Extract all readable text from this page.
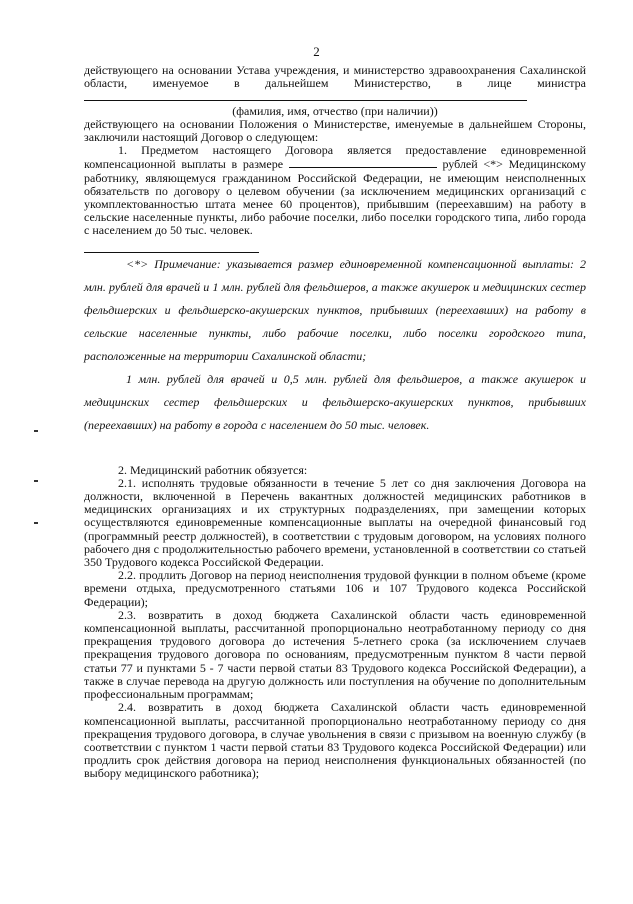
2

действующего на основании Устава учреждения, и министерство здравоохранения Сахалинской области, именуемое в дальнейшем Министерство, в лице министра

(фамилия, имя, отчество (при наличии))

действующего на основании Положения о Министерстве, именуемые в дальнейшем Стороны, заключили настоящий Договор о следующем:

1. Предметом настоящего Договора является предоставление единовременной компенсационной выплаты в размере	рублей <*> Медицинскому работнику, являющемуся гражданином Российской Федерации, не имеющим неисполненных обязательств по договору о целевом обучении (за исключением медицинских организаций с укомплектованностью штата менее 60 процентов), прибывшим (переехавшим) на работу в сельские населенные пункты, либо рабочие поселки, либо поселки городского типа, либо города с населением до 50 тыс. человек.

<*> Примечание: указывается размер единовременной компенсационной выплаты: 2 млн. рублей для врачей и 1 млн. рублей для фельдшеров, а также акушерок и медицинских сестер фельдшерских и фельдшерско-акушерских пунктов, прибывших (переехавших) на работу в сельские населенные пункты, либо рабочие поселки, либо поселки городского типа, расположенные на территории Сахалинской области;

1 млн. рублей для врачей и 0,5 млн. рублей для фельдшеров, а также акушерок и медицинских сестер фельдшерских и фельдшерско-акушерских пунктов, прибывших (переехавших) на работу в города с населением до 50 тыс. человек.

2. Медицинский работник обязуется:

2.1. исполнять трудовые обязанности в течение 5 лет со дня заключения Договора на должности, включенной в Перечень вакантных должностей медицинских работников в медицинских организациях и их структурных подразделениях, при замещении которых осуществляются единовременные компенсационные выплаты на очередной финансовый год (программный реестр должностей), в соответствии с трудовым договором, на условиях полного рабочего дня с продолжительностью рабочего времени, установленной в соответствии со статьей 350 Трудового кодекса Российской Федерации.

2.2. продлить Договор на период неисполнения трудовой функции в полном объеме (кроме времени отдыха, предусмотренного статьями 106 и 107 Трудового кодекса Российской Федерации);

2.3. возвратить в доход бюджета Сахалинской области часть единовременной компенсационной выплаты, рассчитанной пропорционально неотработанному периоду со дня прекращения трудового договора до истечения 5-летнего срока (за исключением случаев прекращения трудового договора по основаниям, предусмотренным пунктом 8 части первой статьи 77 и пунктами 5 - 7 части первой статьи 83 Трудового кодекса Российской Федерации), а также в случае перевода на другую должность или поступления на обучение по дополнительным профессиональным программам;

2.4. возвратить в доход бюджета Сахалинской области часть единовременной компенсационной выплаты, рассчитанной пропорционально неотработанному периоду со дня прекращения трудового договора, в случае увольнения в связи с призывом на военную службу (в соответствии с пунктом 1 части первой статьи 83 Трудового кодекса Российской Федерации) или продлить срок действия договора на период неисполнения функциональных обязанностей (по выбору медицинского работника);
